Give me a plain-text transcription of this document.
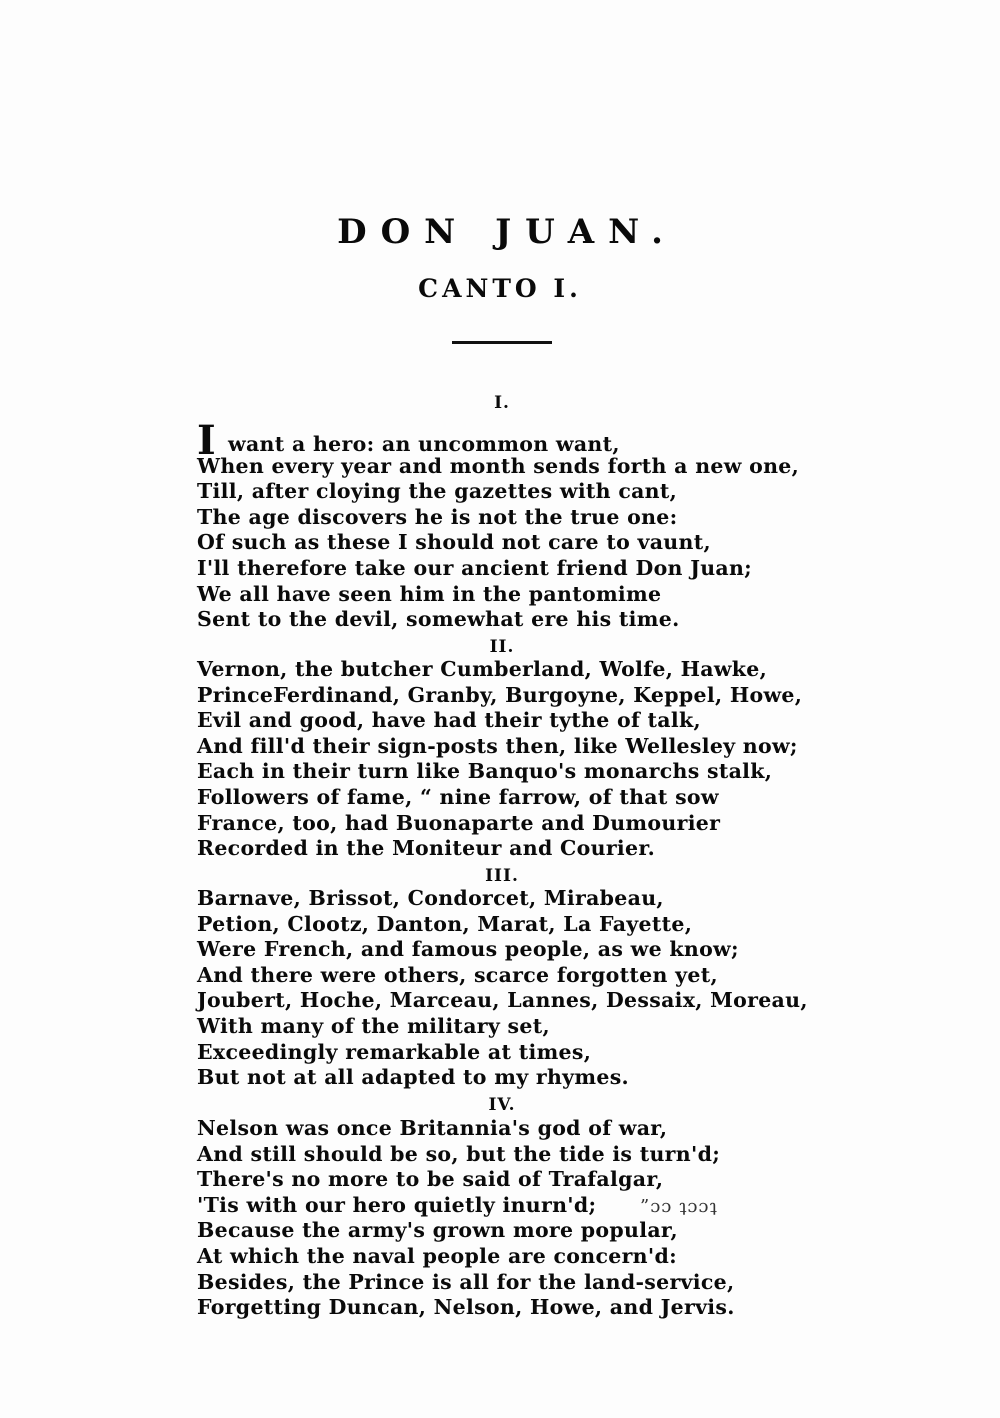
DON JUAN.
CANTO I.
I.
Iwant a hero: an uncommon want,
When every year and month sends forth a new one,
Till, after cloying the gazettes with cant,
The age discovers he is not the true one:
Of such as these I should not care to vaunt,
I'll therefore take our ancient friend Don Juan;
We all have seen him in the pantomime
Sent to the devil, somewhat ere his time.
II.
Vernon, the butcher Cumberland, Wolfe, Hawke,
PrinceFerdinand, Granby, Burgoyne, Keppel, Howe,
Evil and good, have had their tythe of talk,
And fill'd their sign-posts then, like Wellesley now;
Each in their turn like Banquo's monarchs stalk,
Followers of fame, “ nine farrow, of that sow
France, too, had Buonaparte and Dumourier
Recorded in the Moniteur and Courier.
III.
Barnave, Brissot, Condorcet, Mirabeau,
Petion, Clootz, Danton, Marat, La Fayette,
Were French, and famous people, as we know;
And there were others, scarce forgotten yet,
Joubert, Hoche, Marceau, Lannes, Dessaix, Moreau,
With many of the military set,
Exceedingly remarkable at times,
But not at all adapted to my rhymes.
IV.
Nelson was once Britannia's god of war,
And still should be so, but the tide is turn'd;
There's no more to be said of Trafalgar,
'Tis with our hero quietly inurn'd;
Because the army's grown more popular,
At which the naval people are concern'd:
Besides, the Prince is all for the land-service,
Forgetting Duncan, Nelson, Howe, and Jervis.
”ɔɔ ʇɔɔʇ
